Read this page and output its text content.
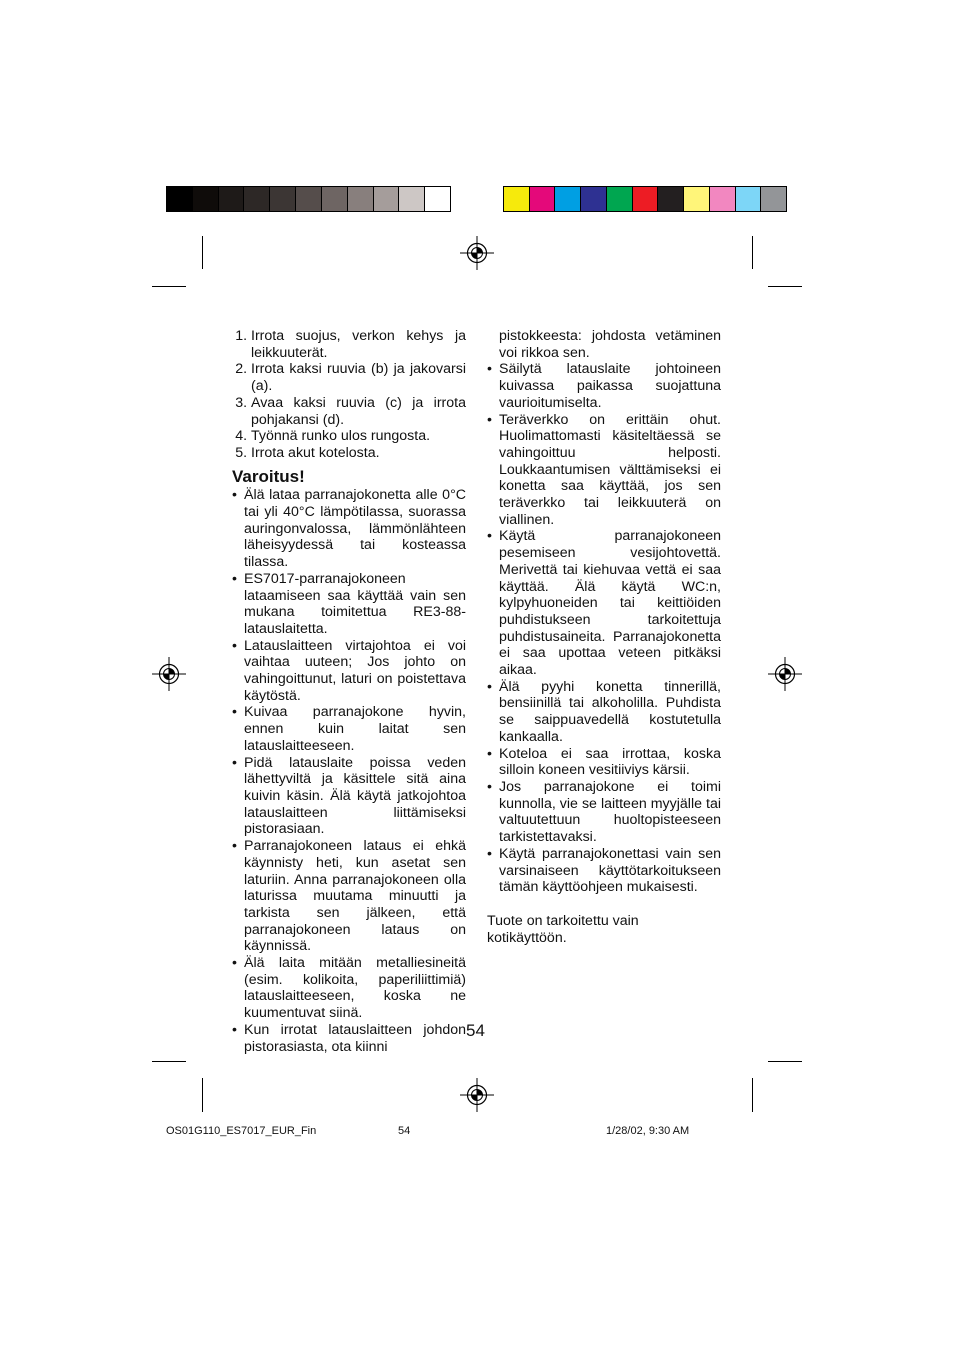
1. Irrota suojus, verkon kehys ja leikkuuterät.
2. Irrota kaksi ruuvia (b) ja jakovarsi (a).
3. Avaa kaksi ruuvia (c) ja irrota pohjakansi (d).
4. Työnnä runko ulos rungosta.
5. Irrota akut kotelosta.
Varoitus!
• Älä lataa parranajokonetta alle 0°C tai yli 40°C lämpötilassa, suorassa auringonvalossa, lämmönlähteen läheisyydessä tai kosteassa tilassa.
• ES7017-parranajokoneen lataamiseen saa käyttää vain sen mukana toimitettua RE3-88-latauslaitetta.
• Latauslaitteen virtajohtoa ei voi vaihtaa uuteen; Jos johto on vahingoittunut, laturi on poistettava käytöstä.
• Kuivaa parranajokone hyvin, ennen kuin laitat sen latauslaitteeseen.
• Pidä latauslaite poissa veden lähettyviltä ja käsittele sitä aina kuivin käsin. Älä käytä jatkojohtoa latauslaitteen liittämiseksi pistorasiaan.
• Parranajokoneen lataus ei ehkä käynnisty heti, kun asetat sen laturiin. Anna parranajokoneen olla laturissa muutama minuutti ja tarkista sen jälkeen, että parranajokoneen lataus on käynnissä.
• Älä laita mitään metalliesineitä (esim. kolikoita, paperiliittimiä) latauslaitteeseen, koska ne kuumentuvat siinä.
• Kun irrotat latauslaitteen johdon pistorasiasta, ota kiinni
pistokkeesta: johdosta vetäminen voi rikkoa sen.
• Säilytä latauslaite johtoineen kuivassa paikassa suojattuna vaurioitumiselta.
• Teräverkko on erittäin ohut. Huolimattomasti käsiteltäessä se vahingoittuu helposti. Loukkaantumisen välttämiseksi ei konetta saa käyttää, jos sen teräverkko tai leikkuuterä on viallinen.
• Käytä parranajokoneen pesemiseen vesijohtovettä. Merivettä tai kiehuvaa vettä ei saa käyttää. Älä käytä WC:n, kylpyhuoneiden tai keittiöiden puhdistukseen tarkoitettuja puhdistusaineita. Parranajokonetta ei saa upottaa veteen pitkäksi aikaa.
• Älä pyyhi konetta tinnerillä, bensiinillä tai alkoholilla. Puhdista se saippuavedellä kostutetulla kankaalla.
• Koteloa ei saa irrottaa, koska silloin koneen vesitiiviys kärsii.
• Jos parranajokone ei toimi kunnolla, vie se laitteen myyjälle tai valtuutettuun huoltopisteeseen tarkistettavaksi.
• Käytä parranajokonettasi vain sen varsinaiseen käyttötarkoitukseen tämän käyttöohjeen mukaisesti.
Tuote on tarkoitettu vain kotikäyttöön.
54
OS01G110_ES7017_EUR_Fin	54	1/28/02, 9:30 AM
